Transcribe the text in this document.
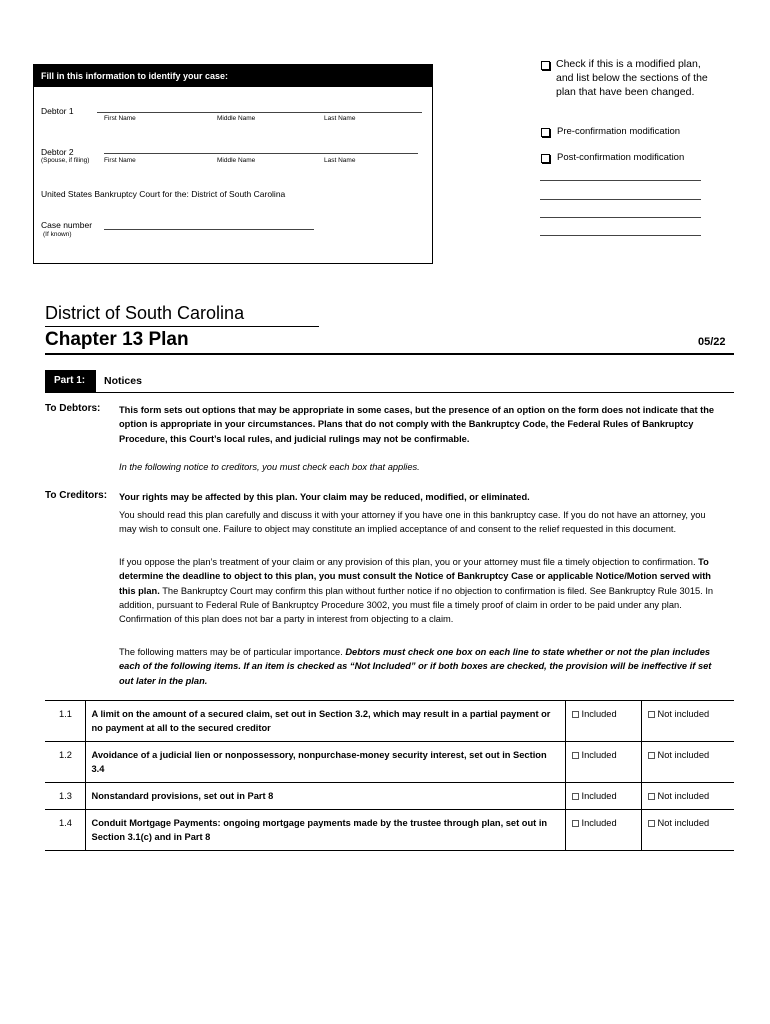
Fill in this information to identify your case:
Debtor 1
First Name	Middle Name	Last Name
Debtor 2
(Spouse, if filing) First Name	Middle Name	Last Name
United States Bankruptcy Court for the: District of South Carolina
Case number
(If known)
Check if this is a modified plan, and list below the sections of the plan that have been changed.
Pre-confirmation modification
Post-confirmation modification
District of South Carolina
Chapter 13 Plan	05/22
Part 1:	Notices
To Debtors: This form sets out options that may be appropriate in some cases, but the presence of an option on the form does not indicate that the option is appropriate in your circumstances. Plans that do not comply with the Bankruptcy Code, the Federal Rules of Bankruptcy Procedure, this Court’s local rules, and judicial rulings may not be confirmable.
In the following notice to creditors, you must check each box that applies.
To Creditors: Your rights may be affected by this plan. Your claim may be reduced, modified, or eliminated.
You should read this plan carefully and discuss it with your attorney if you have one in this bankruptcy case. If you do not have an attorney, you may wish to consult one. Failure to object may constitute an implied acceptance of and consent to the relief requested in this document.
If you oppose the plan’s treatment of your claim or any provision of this plan, you or your attorney must file a timely objection to confirmation. To determine the deadline to object to this plan, you must consult the Notice of Bankruptcy Case or applicable Notice/Motion served with this plan. The Bankruptcy Court may confirm this plan without further notice if no objection to confirmation is filed. See Bankruptcy Rule 3015. In addition, pursuant to Federal Rule of Bankruptcy Procedure 3002, you must file a timely proof of claim in order to be paid under any plan. Confirmation of this plan does not bar a party in interest from objecting to a claim.
The following matters may be of particular importance. Debtors must check one box on each line to state whether or not the plan includes each of the following items. If an item is checked as “Not Included” or if both boxes are checked, the provision will be ineffective if set out later in the plan.
1.1	A limit on the amount of a secured claim, set out in Section 3.2, which may result in a partial payment or no payment at all to the secured creditor	Included	Not included
1.2	Avoidance of a judicial lien or nonpossessory, nonpurchase-money security interest, set out in Section 3.4	Included	Not included
1.3	Nonstandard provisions, set out in Part 8	Included	Not included
1.4	Conduit Mortgage Payments: ongoing mortgage payments made by the trustee through plan, set out in Section 3.1(c) and in Part 8	Included	Not included
